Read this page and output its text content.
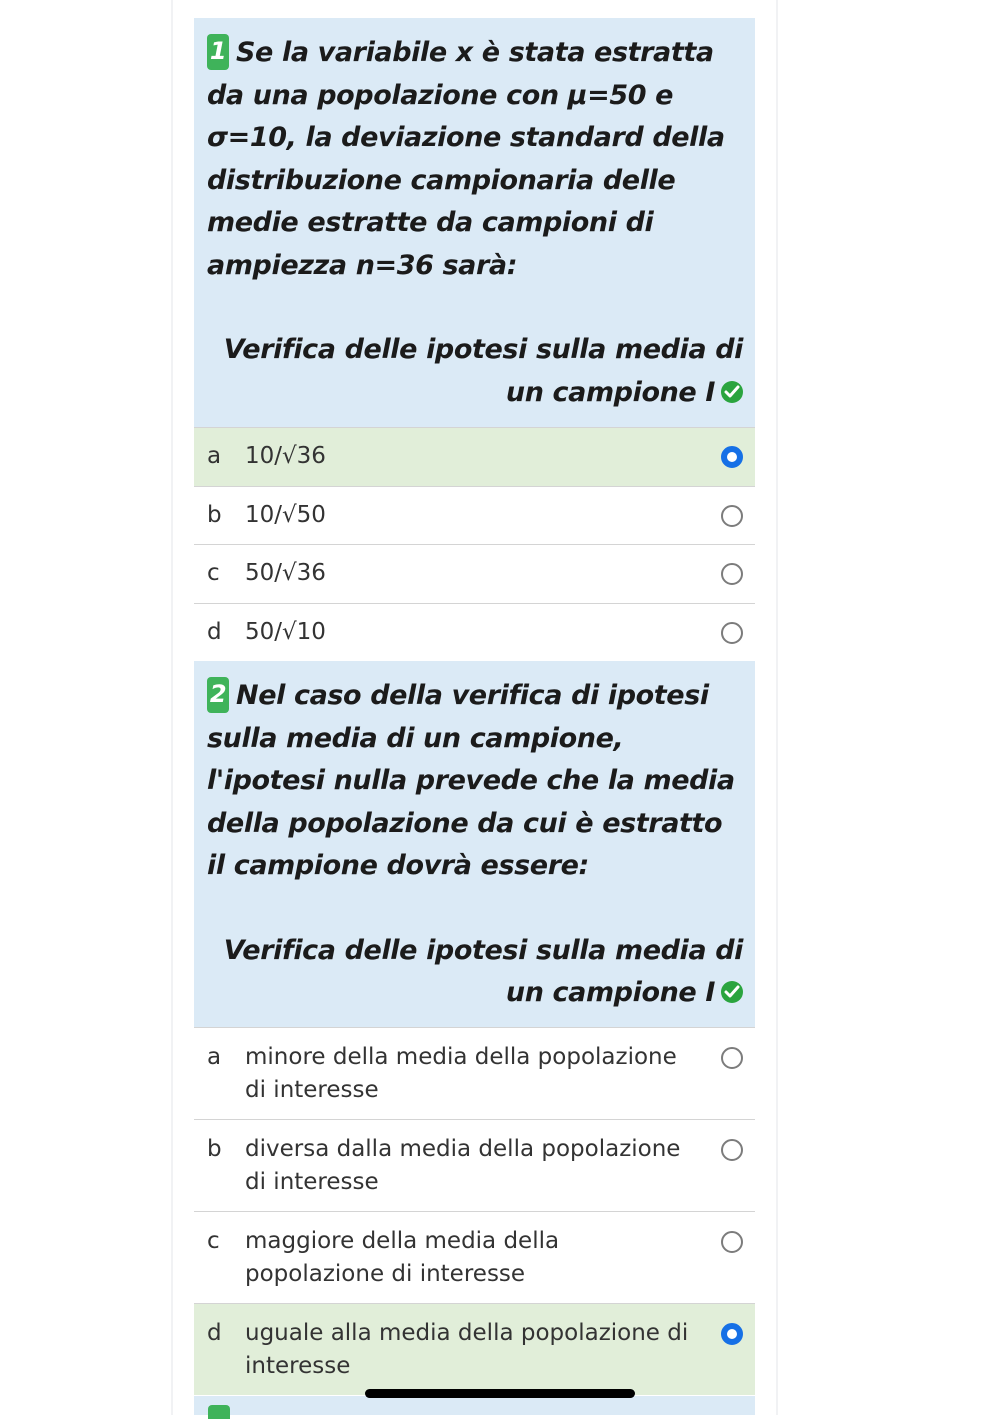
1 Se la variabile x è stata estratta da una popolazione con μ=50 e σ=10, la deviazione standard della distribuzione campionaria delle medie estratte da campioni di ampiezza n=36 sarà:
Verifica delle ipotesi sulla media di un campione I
a 10/√36
b 10/√50
c 50/√36
d 50/√10
2 Nel caso della verifica di ipotesi sulla media di un campione, l'ipotesi nulla prevede che la media della popolazione da cui è estratto il campione dovrà essere:
Verifica delle ipotesi sulla media di un campione I
a minore della media della popolazione di interesse
b diversa dalla media della popolazione di interesse
c maggiore della media della popolazione di interesse
d uguale alla media della popolazione di interesse
